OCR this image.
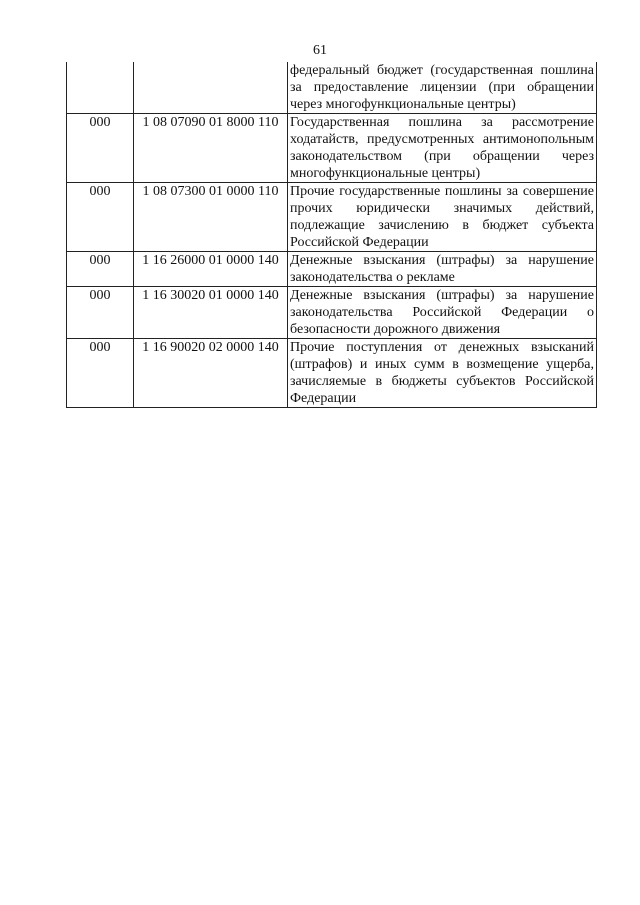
61

		федеральный бюджет (государственная пошлина за предоставление лицензии (при обращении через многофункциональные центры)

000	1 08 07090 01 8000 110	Государственная пошлина за рассмотрение ходатайств, предусмотренных антимонопольным законодательством (при обращении через многофункциональные центры)

000	1 08 07300 01 0000 110	Прочие государственные пошлины за совершение прочих юридически значимых действий, подлежащие зачислению в бюджет субъекта Российской Федерации

000	1 16 26000 01 0000 140	Денежные взыскания (штрафы) за нарушение законодательства о рекламе

000	1 16 30020 01 0000 140	Денежные взыскания (штрафы) за нарушение законодательства Российской Федерации о безопасности дорожного движения

000	1 16 90020 02 0000 140	Прочие поступления от денежных взысканий (штрафов) и иных сумм в возмещение ущерба, зачисляемые в бюджеты субъектов Российской Федерации
